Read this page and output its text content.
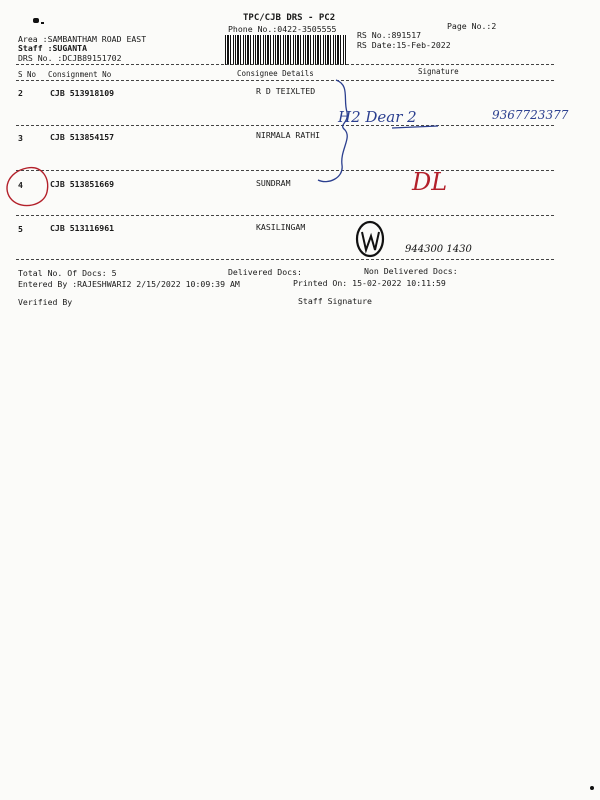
TPC/CJB DRS - PC2
Phone No.:0422-3505555	Page No.:2
Area :SAMBANTHAM ROAD EAST
Staff :SUGANTA
DRS No. :DCJB89151702
RS No.:891517
RS Date:15-Feb-2022
S No Consignment No	Consignee Details	Signature
2	CJB 513918109	R D TEIXLTED
3	CJB 513854157	NIRMALA RATHI
4	CJB 513851669	SUNDRAM
5	CJB 513116961	KASILINGAM
Total No. Of Docs: 5	Delivered Docs:	Non Delivered Docs:
Entered By :RAJESHWARI2 2/15/2022 10:09:39 AM	Printed On: 15-02-2022 10:11:59
Verified By	Staff Signature
H2 Dear 2	9367723377
DL
944300 1430
